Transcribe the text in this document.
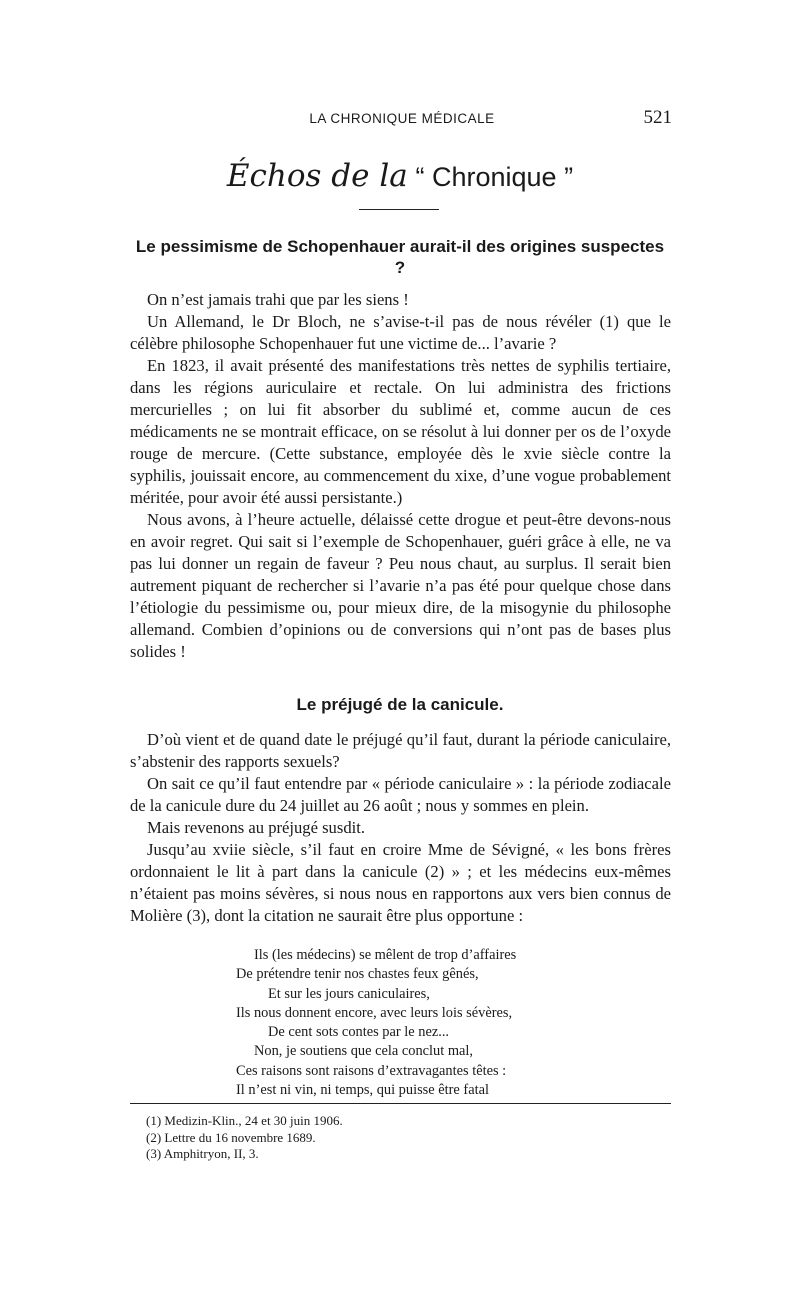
LA CHRONIQUE MÉDICALE	521
Échos de la “ Chronique ”
Le pessimisme de Schopenhauer aurait-il des origines suspectes ?

On n’est jamais trahi que par les siens !

Un Allemand, le Dr Bloch, ne s’avise-t-il pas de nous révéler (1) que le célèbre philosophe Schopenhauer fut une victime de... l’avarie ?

En 1823, il avait présenté des manifestations très nettes de syphilis tertiaire, dans les régions auriculaire et rectale. On lui administra des frictions mercurielles ; on lui fit absorber du sublimé et, comme aucun de ces médicaments ne se montrait efficace, on se résolut à lui donner per os de l’oxyde rouge de mercure. (Cette substance, employée dès le xvie siècle contre la syphilis, jouissait encore, au commencement du xixe, d’une vogue probablement méritée, pour avoir été aussi persistante.)

Nous avons, à l’heure actuelle, délaissé cette drogue et peut-être devons-nous en avoir regret. Qui sait si l’exemple de Schopenhauer, guéri grâce à elle, ne va pas lui donner un regain de faveur ? Peu nous chaut, au surplus. Il serait bien autrement piquant de rechercher si l’avarie n’a pas été pour quelque chose dans l’étiologie du pessimisme ou, pour mieux dire, de la misogynie du philosophe allemand. Combien d’opinions ou de conversions qui n’ont pas de bases plus solides !

Le préjugé de la canicule.

D’où vient et de quand date le préjugé qu’il faut, durant la période caniculaire, s’abstenir des rapports sexuels?

On sait ce qu’il faut entendre par « période caniculaire » : la période zodiacale de la canicule dure du 24 juillet au 26 août ; nous y sommes en plein.

Mais revenons au préjugé susdit.

Jusqu’au xviie siècle, s’il faut en croire Mme de Sévigné, « les bons frères ordonnaient le lit à part dans la canicule (2) » ; et les médecins eux-mêmes n’étaient pas moins sévères, si nous nous en rapportons aux vers bien connus de Molière (3), dont la citation ne saurait être plus opportune :

Ils (les médecins) se mêlent de trop d’affaires
De prétendre tenir nos chastes feux gênés,
Et sur les jours caniculaires,
Ils nous donnent encore, avec leurs lois sévères,
De cent sots contes par le nez...
Non, je soutiens que cela conclut mal,
Ces raisons sont raisons d’extravagantes têtes :
Il n’est ni vin, ni temps, qui puisse être fatal
(1) Medizin-Klin., 24 et 30 juin 1906.
(2) Lettre du 16 novembre 1689.
(3) Amphitryon, II, 3.
